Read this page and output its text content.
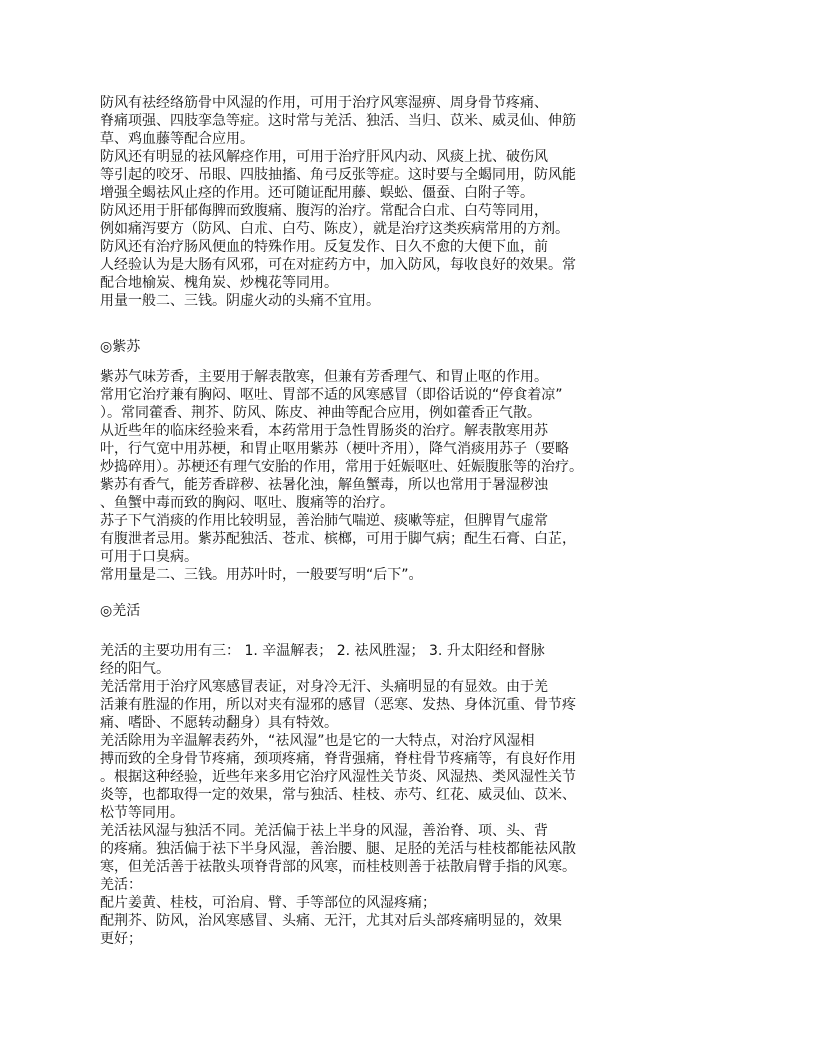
防风有祛经络筋骨中风湿的作用，可用于治疗风寒湿痹、周身骨节疼痛、
脊痛项强、四肢挛急等症。这时常与羌活、独活、当归、苡米、威灵仙、伸筋
草、鸡血藤等配合应用。
防风还有明显的祛风解痉作用，可用于治疗肝风内动、风痰上扰、破伤风
等引起的咬牙、吊眼、四肢抽搐、角弓反张等症。这时要与全蝎同用，防风能
增强全蝎祛风止痉的作用。还可随证配用藤、蜈蚣、僵蚕、白附子等。
防风还用于肝郁侮脾而致腹痛、腹泻的治疗。常配合白朮、白芍等同用，
例如痛泻要方（防风、白朮、白芍、陈皮），就是治疗这类疾病常用的方剂。
防风还有治疗肠风便血的特殊作用。反复发作、日久不愈的大便下血，前
人经验认为是大肠有风邪，可在对症药方中，加入防风，每收良好的效果。常
配合地榆炭、槐角炭、炒槐花等同用。
用量一般二、三钱。阴虚火动的头痛不宜用。
◎紫苏
紫苏气味芳香，主要用于解表散寒，但兼有芳香理气、和胃止呕的作用。
常用它治疗兼有胸闷、呕吐、胃部不适的风寒感冒（即俗话说的“停食着凉”
）。常同藿香、荆芥、防风、陈皮、神曲等配合应用，例如藿香正气散。
从近些年的临床经验来看，本药常用于急性胃肠炎的治疗。解表散寒用苏
叶，行气宽中用苏梗，和胃止呕用紫苏（梗叶齐用），降气消痰用苏子（要略
炒捣碎用）。苏梗还有理气安胎的作用，常用于妊娠呕吐、妊娠腹胀等的治疗。
紫苏有香气，能芳香辟秽、祛暑化浊，解鱼蟹毒，所以也常用于暑湿秽浊
、鱼蟹中毒而致的胸闷、呕吐、腹痛等的治疗。
苏子下气消痰的作用比较明显，善治肺气喘逆、痰嗽等症，但脾胃气虚常
有腹泄者忌用。紫苏配独活、苍朮、槟榔，可用于脚气病；配生石膏、白芷，
可用于口臭病。
常用量是二、三钱。用苏叶时，一般要写明“后下”。
◎羌活
羌活的主要功用有三： 1. 辛温解表； 2. 祛风胜湿； 3. 升太阳经和督脉
经的阳气。
羌活常用于治疗风寒感冒表证，对身冷无汗、头痛明显的有显效。由于羌
活兼有胜湿的作用，所以对夹有湿邪的感冒（恶寒、发热、身体沉重、骨节疼
痛、嗜卧、不愿转动翻身）具有特效。
羌活除用为辛温解表药外，“祛风湿”也是它的一大特点，对治疗风湿相
搏而致的全身骨节疼痛，颈项疼痛，脊背强痛，脊柱骨节疼痛等，有良好作用
。根据这种经验，近些年来多用它治疗风湿性关节炎、风湿热、类风湿性关节
炎等，也都取得一定的效果，常与独活、桂枝、赤芍、红花、威灵仙、苡米、
松节等同用。
羌活祛风湿与独活不同。羌活偏于祛上半身的风湿，善治脊、项、头、背
的疼痛。独活偏于祛下半身风湿，善治腰、腿、足胫的羌活与桂枝都能祛风散
寒，但羌活善于祛散头项脊背部的风寒，而桂枝则善于祛散肩臂手指的风寒。
羌活：
配片姜黄、桂枝，可治肩、臂、手等部位的风湿疼痛；
配荆芥、防风，治风寒感冒、头痛、无汗，尤其对后头部疼痛明显的，效果
更好；
